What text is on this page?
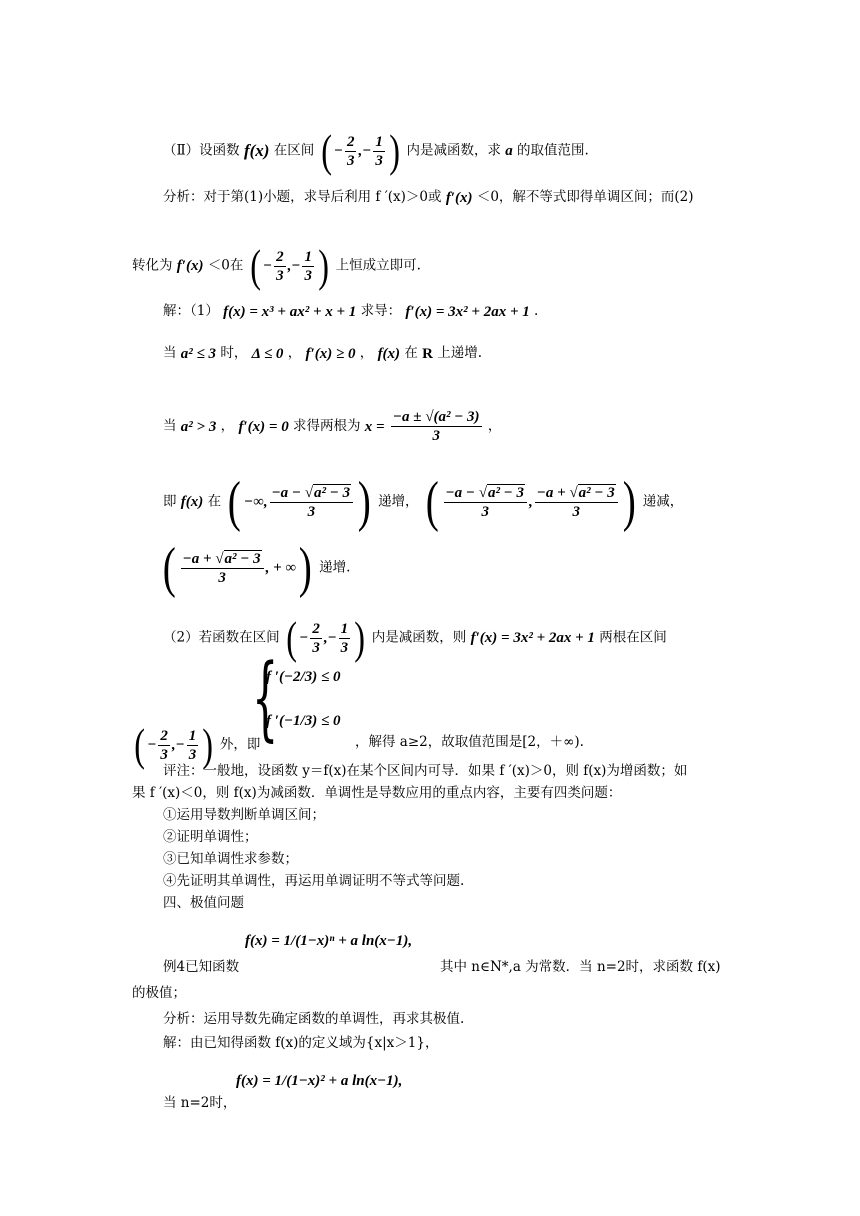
（Ⅱ）设函数 f(x) 在区间 ( − $\frac{2}{3}$ ,− $\frac{1}{3}$ ) 内是减函数，求 a 的取值范围.
分析：对于第(1)小题，求导后利用 f ′(x)＞0或 f′(x) ＜0，解不等式即得单调区间；而(2)
转化为 f′(x) ＜0在 ( − $\frac{2}{3}$ ,− $\frac{1}{3}$ ) 上恒成立即可.
解：（1） f(x) = x³ + ax² + x + 1 求导： f′(x) = 3x² + 2ax + 1 .
当 a² ≤ 3 时， Δ ≤ 0 ， f′(x) ≥ 0 ， f(x) 在 R 上递增.
当 a² > 3 ， f′(x) = 0 求得两根为 $x = \frac{\text{−a ± √(a² − 3)}}{3}$ ，
即 f(x) 在 ( −∞, $\frac{\text{−a − √a² − 3}}{3}$ ) 递增， ( $\frac{\text{−a − √a² − 3}}{3}$ , $\frac{\text{−a + √a² − 3}}{3}$ ) 递减，
( $\frac{\text{−a + √a² − 3}}{3}$ , + ∞ ) 递增.
（2）若函数在区间 ( − $\frac{2}{3}$ ,− $\frac{1}{3}$ ) 内是减函数，则 f′(x) = 3x² + 2ax + 1 两根在区间
( − $\frac{2}{3}$ ,− $\frac{1}{3}$ ) 外，即
{
f ′(−2/3) ≤ 0
f ′(−1/3) ≤ 0
，解得 a≥2，故取值范围是[2，＋∞).
评注：一般地，设函数 y＝f(x)在某个区间内可导．如果 f ′(x)＞0，则 f(x)为增函数；如
果 f ′(x)＜0，则 f(x)为减函数．单调性是导数应用的重点内容，主要有四类问题：
①运用导数判断单调区间；
②证明单调性；
③已知单调性求参数；
④先证明其单调性，再运用单调证明不等式等问题.
四、极值问题
f(x) = 1/(1−x)ⁿ + a ln(x−1),
例4已知函数	其中 n∈N*,a 为常数．当 n=2时，求函数 f(x)
的极值；
分析：运用导数先确定函数的单调性，再求其极值.
解：由已知得函数 f(x)的定义域为{x|x＞1}，
f(x) = 1/(1−x)² + a ln(x−1),
当 n=2时，
